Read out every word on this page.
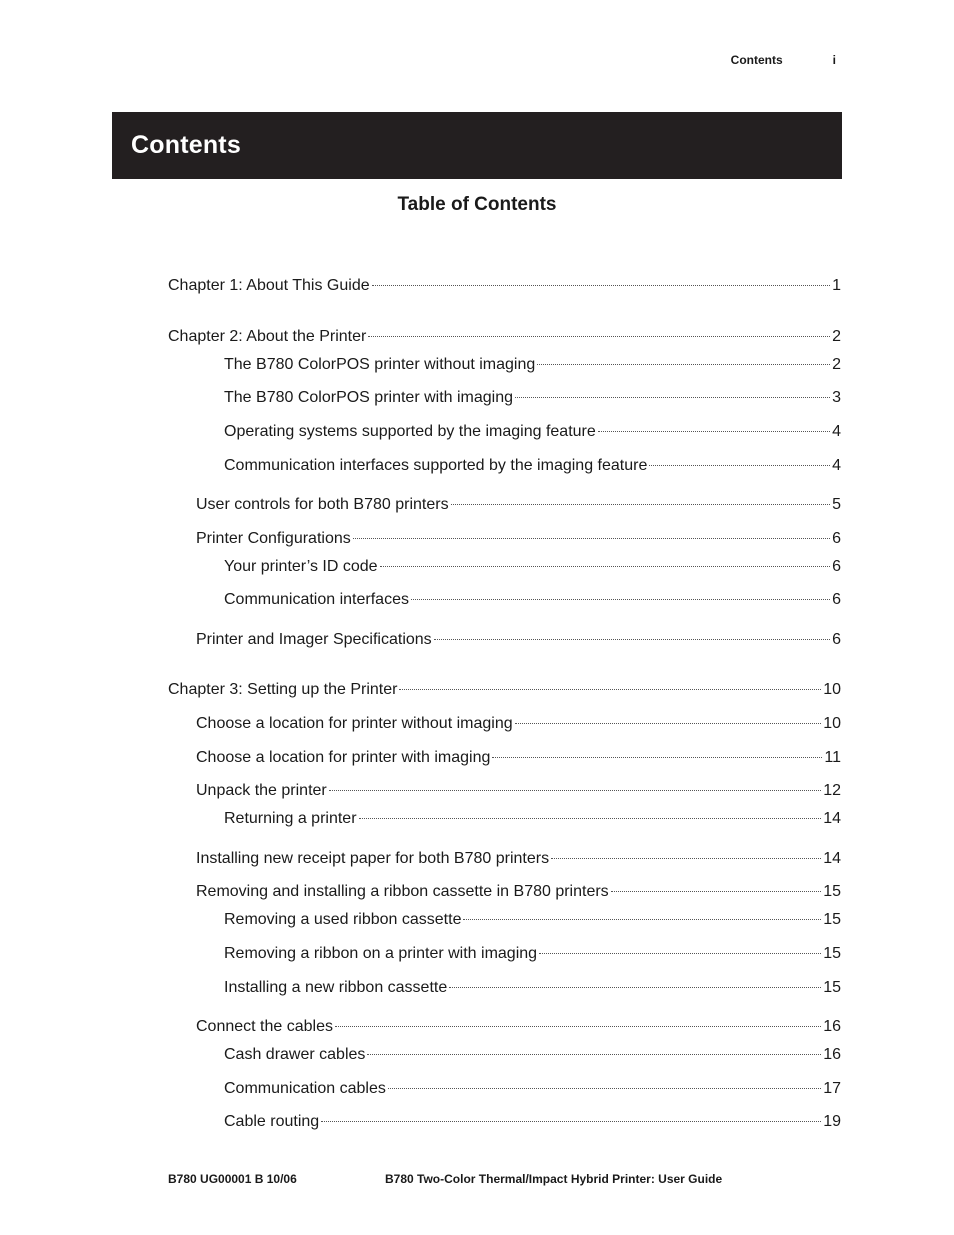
Contents	i
Contents
Table of Contents
Chapter 1: About This Guide	1
Chapter 2: About the Printer	2
The B780 ColorPOS printer without imaging	2
The B780 ColorPOS printer with imaging	3
Operating systems supported by the imaging feature	4
Communication interfaces supported by the imaging feature	4
User controls for both B780 printers	5
Printer Configurations	6
Your printer’s ID code	6
Communication interfaces	6
Printer and Imager Specifications	6
Chapter 3: Setting up the Printer	10
Choose a location for printer without imaging	10
Choose a location for printer with imaging	11
Unpack the printer	12
Returning a printer	14
Installing new receipt paper for both B780 printers	14
Removing and installing a ribbon cassette in B780 printers	15
Removing a used ribbon cassette	15
Removing a ribbon on a printer with imaging	15
Installing a new ribbon cassette	15
Connect the cables	16
Cash drawer cables	16
Communication cables	17
Cable routing	19
B780 UG00001 B 10/06	B780 Two-Color Thermal/Impact Hybrid Printer: User Guide
